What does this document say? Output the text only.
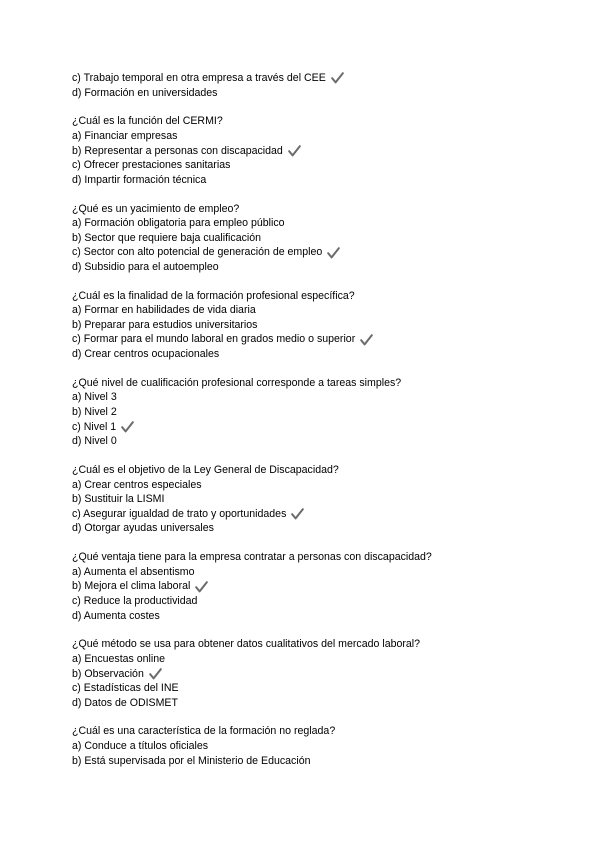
c) Trabajo temporal en otra empresa a través del CEE
d) Formación en universidades
¿Cuál es la función del CERMI?
a) Financiar empresas
b) Representar a personas con discapacidad
c) Ofrecer prestaciones sanitarias
d) Impartir formación técnica
¿Qué es un yacimiento de empleo?
a) Formación obligatoria para empleo público
b) Sector que requiere baja cualificación
c) Sector con alto potencial de generación de empleo
d) Subsidio para el autoempleo
¿Cuál es la finalidad de la formación profesional específica?
a) Formar en habilidades de vida diaria
b) Preparar para estudios universitarios
c) Formar para el mundo laboral en grados medio o superior
d) Crear centros ocupacionales
¿Qué nivel de cualificación profesional corresponde a tareas simples?
a) Nivel 3
b) Nivel 2
c) Nivel 1
d) Nivel 0
¿Cuál es el objetivo de la Ley General de Discapacidad?
a) Crear centros especiales
b) Sustituir la LISMI
c) Asegurar igualdad de trato y oportunidades
d) Otorgar ayudas universales
¿Qué ventaja tiene para la empresa contratar a personas con discapacidad?
a) Aumenta el absentismo
b) Mejora el clima laboral
c) Reduce la productividad
d) Aumenta costes
¿Qué método se usa para obtener datos cualitativos del mercado laboral?
a) Encuestas online
b) Observación
c) Estadísticas del INE
d) Datos de ODISMET
¿Cuál es una característica de la formación no reglada?
a) Conduce a títulos oficiales
b) Está supervisada por el Ministerio de Educación
